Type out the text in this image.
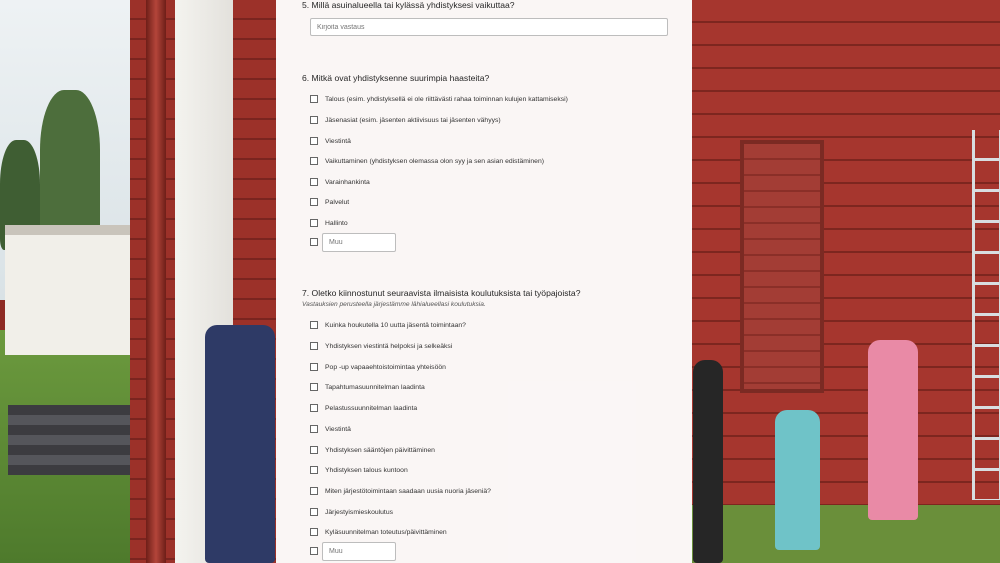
5. Millä asuinalueella tai kylässä yhdistyksesi vaikuttaa?
Kirjoita vastaus
6. Mitkä ovat yhdistyksenne suurimpia haasteita?
Talous (esim. yhdistyksellä ei ole riittävästi rahaa toiminnan kulujen kattamiseksi)
Jäsenasiat (esim. jäsenten aktiivisuus tai jäsenten vähyys)
Viestintä
Vaikuttaminen (yhdistyksen olemassa olon syy ja sen asian edistäminen)
Varainhankinta
Palvelut
Hallinto
Muu
7. Oletko kiinnostunut seuraavista ilmaisista koulutuksista tai työpajoista?
Vastauksien perusteella järjestämme lähialueellasi koulutuksia.
Kuinka houkutella 10 uutta jäsentä toimintaan?
Yhdistyksen viestintä helpoksi ja selkeäksi
Pop -up vapaaehtoistoimintaa yhteisöön
Tapahtumasuunnitelman laadinta
Pelastussuunnitelman laadinta
Viestintä
Yhdistyksen sääntöjen päivittäminen
Yhdistyksen talous kuntoon
Miten järjestötoimintaan saadaan uusia nuoria jäseniä?
Järjestyismieskoulutus
Kyläsuunnitelman toteutus/päivittäminen
Muu
